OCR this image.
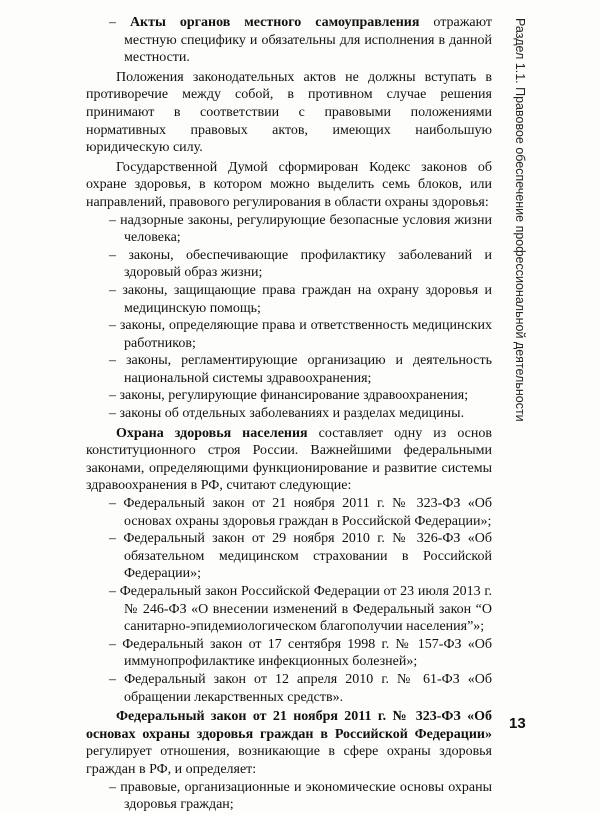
Раздел 1.1. Правовое обеспечение профессиональной деятельности

– Акты органов местного самоуправления отражают местную специфику и обязательны для исполнения в данной местности.

Положения законодательных актов не должны вступать в противоречие между собой, в противном случае решения принимают в соответствии с правовыми положениями нормативных правовых актов, имеющих наибольшую юридическую силу.

Государственной Думой сформирован Кодекс законов об охране здоровья, в котором можно выделить семь блоков, или направлений, правового регулирования в области охраны здоровья:

– надзорные законы, регулирующие безопасные условия жизни человека;

– законы, обеспечивающие профилактику заболеваний и здоровый образ жизни;

– законы, защищающие права граждан на охрану здоровья и медицинскую помощь;

– законы, определяющие права и ответственность медицинских работников;

– законы, регламентирующие организацию и деятельность национальной системы здравоохранения;

– законы, регулирующие финансирование здравоохранения;

– законы об отдельных заболеваниях и разделах медицины.

Охрана здоровья населения составляет одну из основ конституционного строя России. Важнейшими федеральными законами, определяющими функционирование и развитие системы здравоохранения в РФ, считают следующие:

– Федеральный закон от 21 ноября 2011 г. № 323-ФЗ «Об основах охраны здоровья граждан в Российской Федерации»;

– Федеральный закон от 29 ноября 2010 г. № 326-ФЗ «Об обязательном медицинском страховании в Российской Федерации»;

– Федеральный закон Российской Федерации от 23 июля 2013 г. № 246-ФЗ «О внесении изменений в Федеральный закон “О санитарно-эпидемиологическом благополучии населения”»;

– Федеральный закон от 17 сентября 1998 г. № 157-ФЗ «Об иммунопрофилактике инфекционных болезней»;

– Федеральный закон от 12 апреля 2010 г. № 61-ФЗ «Об обращении лекарственных средств».

Федеральный закон от 21 ноября 2011 г. № 323-ФЗ «Об основах охраны здоровья граждан в Российской Федерации» регулирует отношения, возникающие в сфере охраны здоровья граждан в РФ, и определяет:

– правовые, организационные и экономические основы охраны здоровья граждан;

13
